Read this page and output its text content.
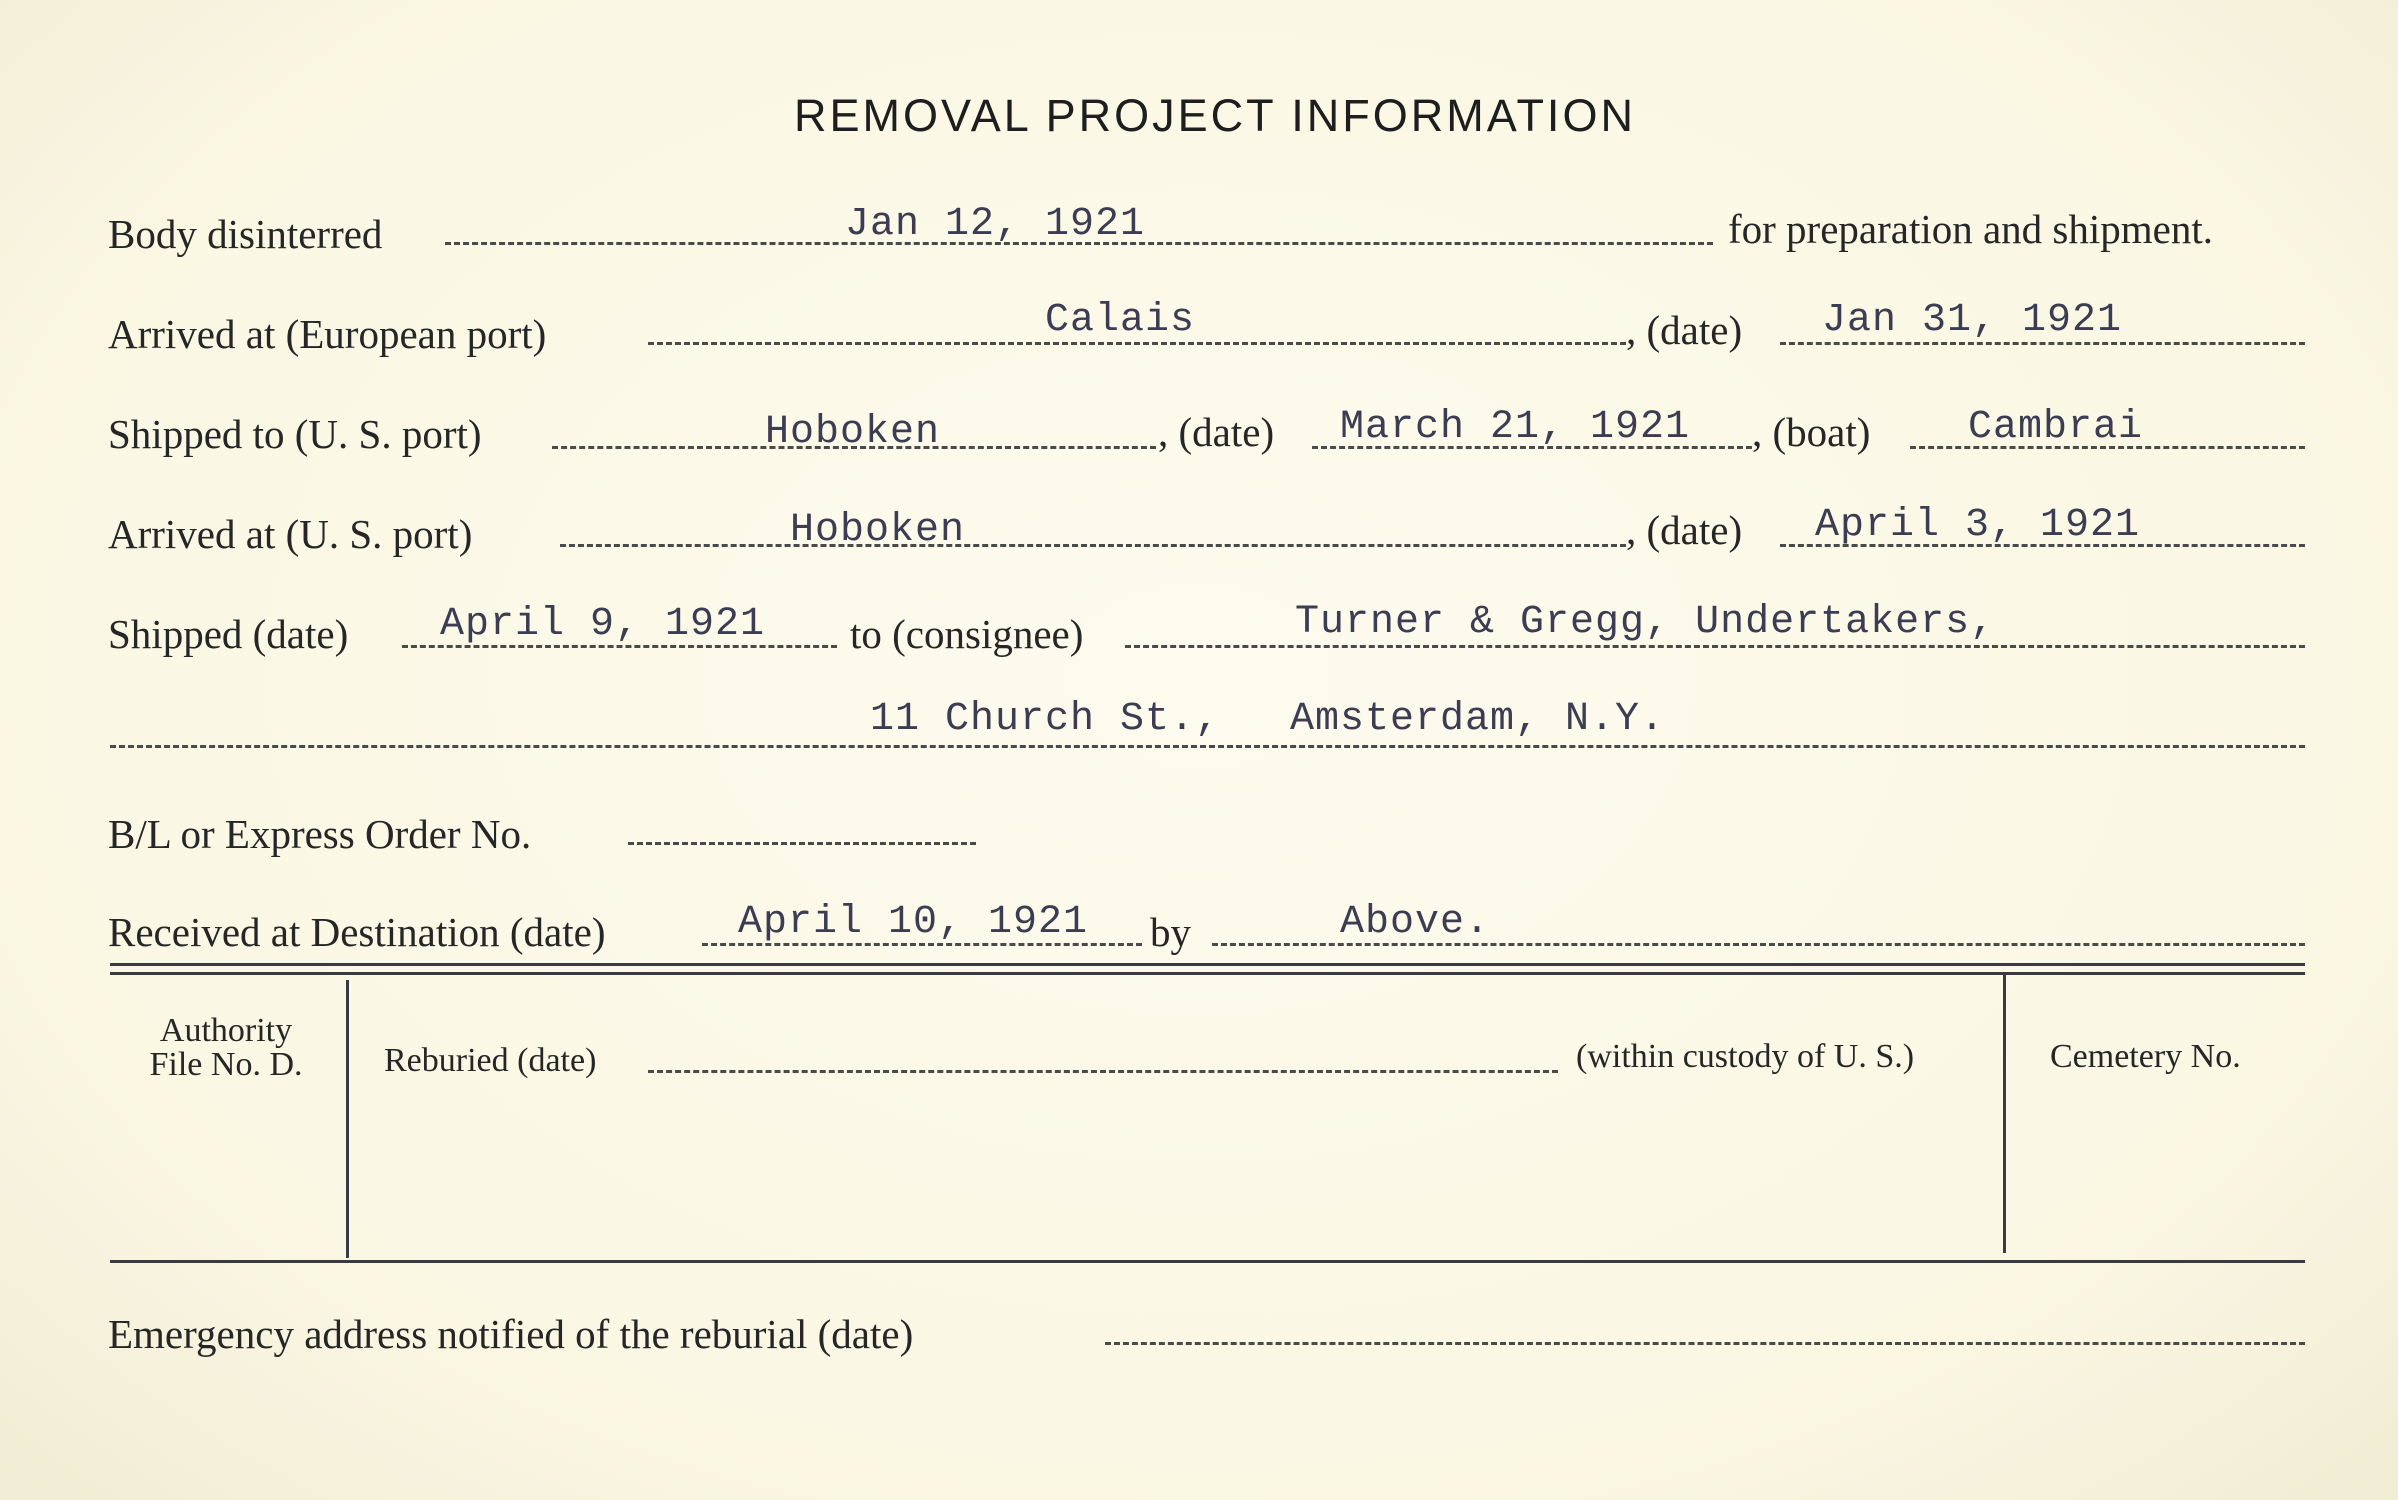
REMOVAL PROJECT INFORMATION
Body disinterred	Jan 12, 1921	for preparation and shipment.
Arrived at (European port)	Calais	, (date) Jan 31, 1921
Shipped to (U. S. port)	Hoboken	, (date) March 21, 1921 , (boat) Cambrai
Arrived at (U. S. port)	Hoboken	, (date) April 3, 1921
Shipped (date) April 9, 1921 to (consignee)	Turner & Gregg, Undertakers,
11 Church St., Amsterdam, N.Y.
B/L or Express Order No.
Received at Destination (date)	April 10, 1921 by	Above.
Authority
File No. D.	Reburied (date)	(within custody of U. S.)	Cemetery No.
Emergency address notified of the reburial (date)
